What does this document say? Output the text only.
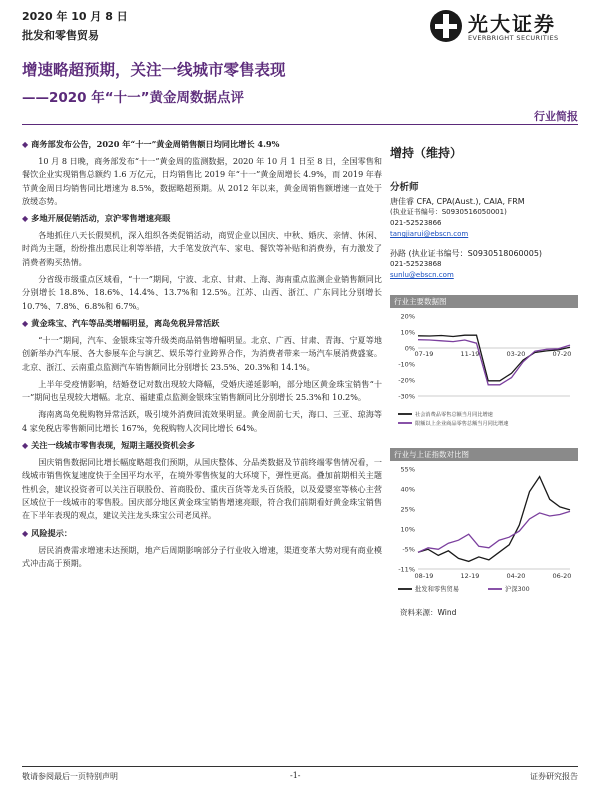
2020 年 10 月 8 日
批发和零售贸易	光大证券
EVERBRIGHT SECURITIES
增速略超预期，关注一线城市零售表现
——2020 年“十一”黄金周数据点评
行业简报
◆ 商务部发布公告，2020 年“十一”黄金周销售额日均同比增长 4.9%

10 月 8 日晚，商务部发布“十一”黄金周的监测数据，2020 年 10 月 1 日至 8 日，全国零售和餐饮企业实现销售总额约 1.6 万亿元，日均销售比 2019 年“十一”黄金周增长 4.9%，而 2019 年春节黄金周日均销售同比增速为 8.5%，数据略超预期。从 2012 年以来，黄金周销售额增速一直处于放缓态势。

◆ 多地开展促销活动，京沪零售增速亮眼

各地抓住八天长假契机，深入组织各类促销活动，商贸企业以国庆、中秋、婚庆、亲情、休闲、时尚为主题，纷纷推出惠民让利等举措，大手笔发放汽车、家电、餐饮等补贴和消费券，有力激发了消费者购买热情。

分省级市级重点区域看，“十一”期间，宁波、北京、甘肃、上海、海南重点监测企业销售额同比分别增长 18.8%、18.6%、14.4%、13.7%和 12.5%。江苏、山西、浙江、广东同比分别增长 10.7%、7.8%、6.8%和 6.7%。

◆ 黄金珠宝、汽车等品类增幅明显，离岛免税异常活跃

“十一”期间，汽车、金银珠宝等升级类商品销售增幅明显。北京、广西、甘肃、青海、宁夏等地创新举办汽车展、各大参展车企与演艺、娱乐等行业跨界合作，为消费者带来一场汽车展消费盛宴。北京、浙江、云南重点监测汽车销售额同比分别增长 23.5%、20.3%和 14.1%。

上半年受疫情影响，结婚登记对数出现较大降幅，受婚庆递延影响，部分地区黄金珠宝销售“十一”期间也呈现较大增幅。北京、福建重点监测金银珠宝销售额同比分别增长 25.3%和 10.2%。

海南离岛免税购物异常活跃，吸引境外消费回流效果明显。黄金周前七天，海口、三亚、琼海等 4 家免税店零售额同比增长 167%，免税购物人次同比增长 64%。

◆ 关注一线城市零售表现，短期主题投资机会多

国庆销售数据同比增长幅度略超我们预期，从国庆整体、分品类数据及节前终端零售情况看，一线城市销售恢复速度快于全国平均水平，在境外零售恢复的大环境下，弹性更高。叠加前期相关主题性机会，建议投资者可以关注百联股份、首商股份、重庆百货等龙头百货股，以及爱婴室等核心主营区域位于一线城市的零售股。国庆部分地区黄金珠宝销售增速亮眼，符合我们前期看好黄金珠宝销售在下半年表现的观点，建议关注龙头珠宝公司老凤祥。

◆ 风险提示：

居民消费需求增速未达预期，地产后周期影响部分子行业收入增速，渠道变革大势对现有商业模式冲击高于预期。

增持（维持）
分析师
唐佳睿 CFA, CPA(Aust.), CAIA, FRM
(执业证书编号：S0930516050001)
021-52523866
tangjiarui@ebscn.com
孙路 (执业证书编号：S0930518060005)
021-52523868
sunlu@ebscn.com
行业主要数据图
20%
10%
0%
-10%
-20%
-30%
07-19	11-19	03-20	07-20
社会消费品零售总额当月同比增速
限额以上企业商品零售总额当月同比增速
行业与上证指数对比图
55%
40%
25%
10%
-5%
-11%
08-19	12-19	04-20	06-20
批发和零售贸易	沪深300
资料来源：Wind
敬请参阅最后一页特别声明	-1-	证券研究报告
